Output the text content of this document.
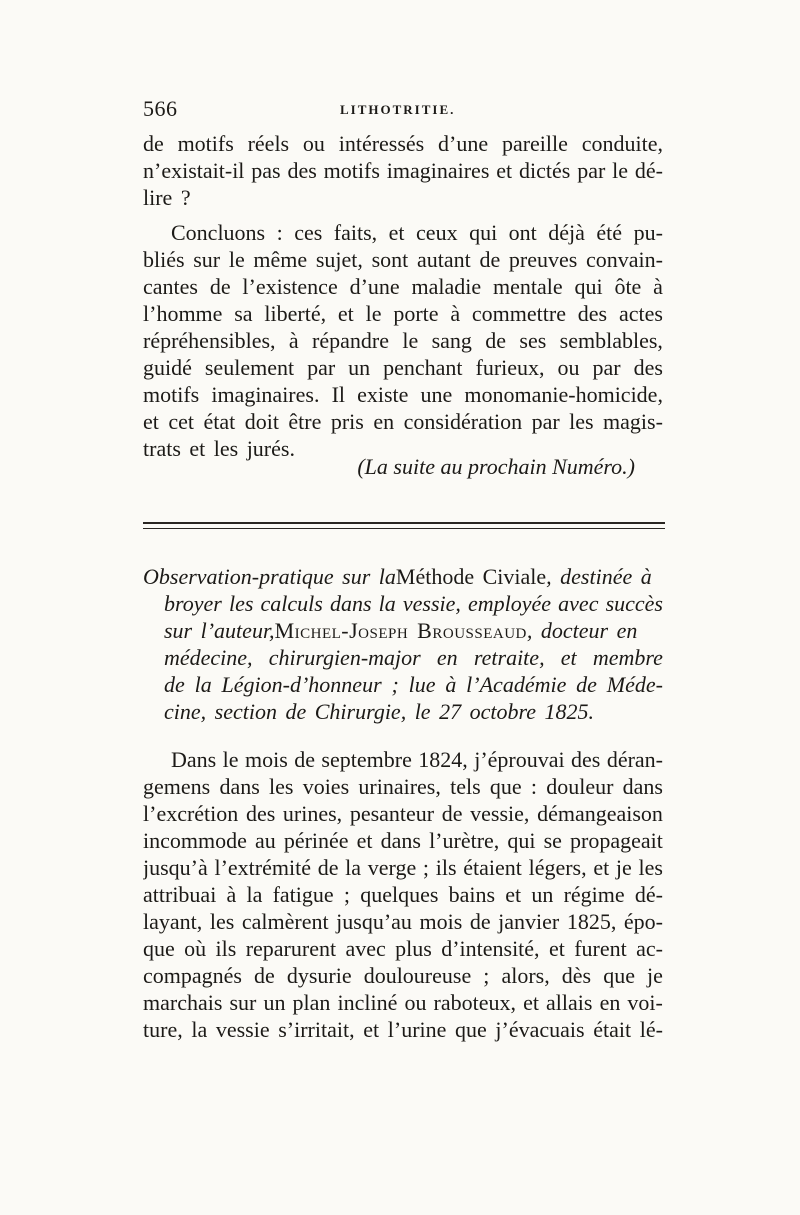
566	LITHOTRITIE.
de motifs réels ou intéressés d’une pareille conduite,
n’existait-il pas des motifs imaginaires et dictés par le dé-
lire ?
Concluons : ces faits, et ceux qui ont déjà été pu-
bliés sur le même sujet, sont autant de preuves convain-
cantes de l’existence d’une maladie mentale qui ôte à
l’homme sa liberté, et le porte à commettre des actes
répréhensibles, à répandre le sang de ses semblables,
guidé seulement par un penchant furieux, ou par des
motifs imaginaires. Il existe une monomanie-homicide,
et cet état doit être pris en considération par les magis-
trats et les jurés.
(La suite au prochain Numéro.)
Observation-pratique sur la Méthode Civiale , destinée à
broyer les calculs dans la vessie, employée avec succès
sur l’auteur, Michel-Joseph Brousseaud , docteur en
médecine, chirurgien-major en retraite, et membre
de la Légion-d’honneur ; lue à l’Académie de Méde-
cine, section de Chirurgie, le 27 octobre 1825.
Dans le mois de septembre 1824, j’éprouvai des déran-
gemens dans les voies urinaires, tels que : douleur dans
l’excrétion des urines, pesanteur de vessie, démangeaison
incommode au périnée et dans l’urètre, qui se propageait
jusqu’à l’extrémité de la verge ; ils étaient légers, et je les
attribuai à la fatigue ; quelques bains et un régime dé-
layant, les calmèrent jusqu’au mois de janvier 1825, épo-
que où ils reparurent avec plus d’intensité, et furent ac-
compagnés de dysurie douloureuse ; alors, dès que je
marchais sur un plan incliné ou raboteux, et allais en voi-
ture, la vessie s’irritait, et l’urine que j’évacuais était lé-
